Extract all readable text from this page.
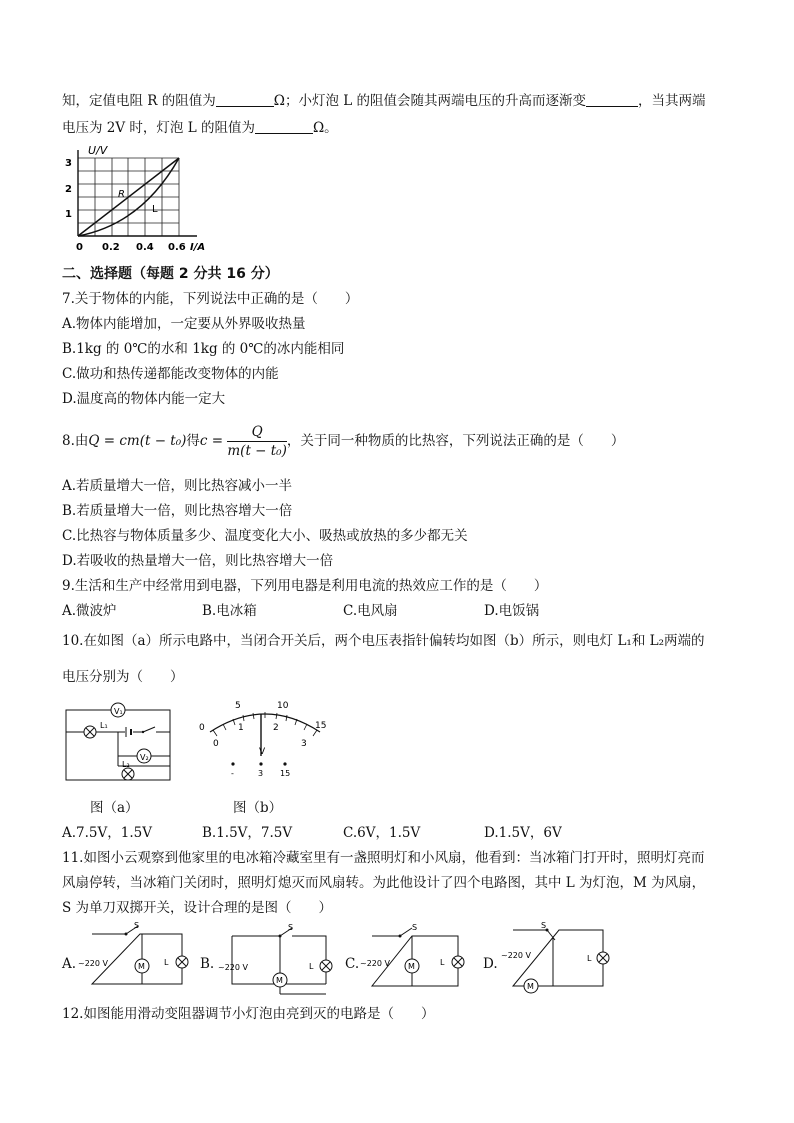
知，定值电阻 R 的阻值为	Ω；小灯泡 L 的阻值会随其两端电压的升高而逐渐变	，当其两端
电压为 2V 时，灯泡 L 的阻值为	Ω。
U/V
3
2
1
0 0.2 0.4 0.6 I/A
R
L
二、选择题（每题 2 分共 16 分）
7.关于物体的内能，下列说法中正确的是（　　）
A.物体内能增加，一定要从外界吸收热量
B.1kg 的 0℃的水和 1kg 的 0℃的冰内能相同
C.做功和热传递都能改变物体的内能
D.温度高的物体内能一定大
8.由Q = cm(t − t₀)得$c = \frac{Q}{\text{m(t − t₀)}}$ ，关于同一种物质的比热容，下列说法正确的是（　　）
A.若质量增大一倍，则比热容减小一半
B.若质量增大一倍，则比热容增大一倍
C.比热容与物体质量多少、温度变化大小、吸热或放热的多少都无关
D.若吸收的热量增大一倍，则比热容增大一倍
9.生活和生产中经常用到电器，下列用电器是利用电流的热效应工作的是（　　）
A.微波炉	B.电冰箱	C.电风扇	D.电饭锅
10.在如图（a）所示电路中，当闭合开关后，两个电压表指针偏转均如图（b）所示，则电灯 L₁和 L₂两端的
电压分别为（　　）
V₁
L₁
V₂
L₂
0
5	10
15
0
1	2
3
V
-	3 15
图（a）	图（b）
A.7.5V，1.5V	B.1.5V，7.5V	C.6V，1.5V	D.1.5V，6V
11.如图小云观察到他家里的电冰箱冷藏室里有一盏照明灯和小风扇，他看到：当冰箱门打开时，照明灯亮而
风扇停转，当冰箱门关闭时，照明灯熄灭而风扇转。为此他设计了四个电路图，其中 L 为灯泡，M 为风扇，
S 为单刀双掷开关，设计合理的是图（　　）
A.
S
~220 V	M L B.
S
~220 V
M
L C.
S
~220 V M	L	D.
S
~220 V
M
L
12.如图能用滑动变阻器调节小灯泡由亮到灭的电路是（　　）
